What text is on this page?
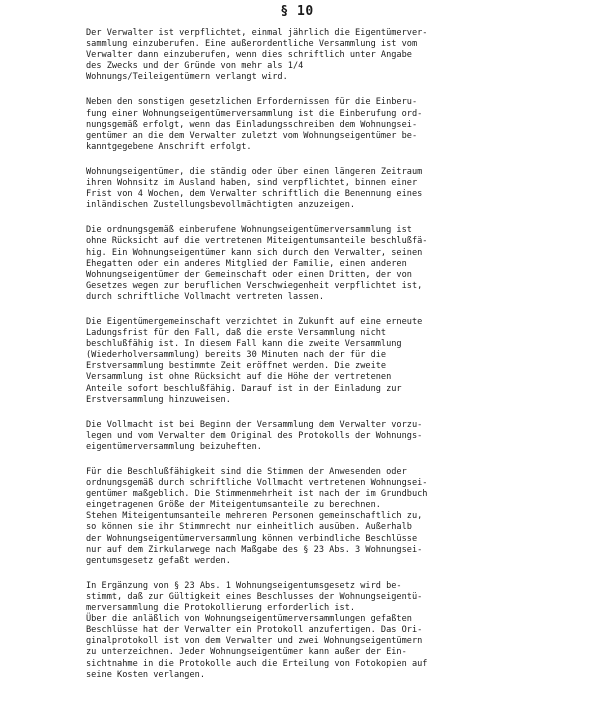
§ 10
Der Verwalter ist verpflichtet, einmal jährlich die Eigentümerver-
sammlung einzuberufen. Eine außerordentliche Versammlung ist vom
Verwalter dann einzuberufen, wenn dies schriftlich unter Angabe
des Zwecks und der Gründe von mehr als 1/4
Wohnungs/Teileigentümern verlangt wird.
Neben den sonstigen gesetzlichen Erfordernissen für die Einberu-
fung einer Wohnungseigentümerversammlung ist die Einberufung ord-
nungsgemäß erfolgt, wenn das Einladungsschreiben dem Wohnungsei-
gentümer an die dem Verwalter zuletzt vom Wohnungseigentümer be-
kanntgegebene Anschrift erfolgt.
Wohnungseigentümer, die ständig oder über einen längeren Zeitraum
ihren Wohnsitz im Ausland haben, sind verpflichtet, binnen einer
Frist von 4 Wochen, dem Verwalter schriftlich die Benennung eines
inländischen Zustellungsbevollmächtigten anzuzeigen.
Die ordnungsgemäß einberufene Wohnungseigentümerversammlung ist
ohne Rücksicht auf die vertretenen Miteigentumsanteile beschlußfä-
hig. Ein Wohnungseigentümer kann sich durch den Verwalter, seinen
Ehegatten oder ein anderes Mitglied der Familie, einen anderen
Wohnungseigentümer der Gemeinschaft oder einen Dritten, der von
Gesetzes wegen zur beruflichen Verschwiegenheit verpflichtet ist,
durch schriftliche Vollmacht vertreten lassen.
Die Eigentümergemeinschaft verzichtet in Zukunft auf eine erneute
Ladungsfrist für den Fall, daß die erste Versammlung nicht
beschlußfähig ist. In diesem Fall kann die zweite Versammlung
(Wiederholversammlung) bereits 30 Minuten nach der für die
Erstversammlung bestimmte Zeit eröffnet werden. Die zweite
Versammlung ist ohne Rücksicht auf die Höhe der vertretenen
Anteile sofort beschlußfähig. Darauf ist in der Einladung zur
Erstversammlung hinzuweisen.
Die Vollmacht ist bei Beginn der Versammlung dem Verwalter vorzu-
legen und vom Verwalter dem Original des Protokolls der Wohnungs-
eigentümerversammlung beizuheften.
Für die Beschlußfähigkeit sind die Stimmen der Anwesenden oder
ordnungsgemäß durch schriftliche Vollmacht vertretenen Wohnungsei-
gentümer maßgeblich. Die Stimmenmehrheit ist nach der im Grundbuch
eingetragenen Größe der Miteigentumsanteile zu berechnen.
Stehen Miteigentumsanteile mehreren Personen gemeinschaftlich zu,
so können sie ihr Stimmrecht nur einheitlich ausüben. Außerhalb
der Wohnungseigentümerversammlung können verbindliche Beschlüsse
nur auf dem Zirkularwege nach Maßgabe des § 23 Abs. 3 Wohnungsei-
gentumsgesetz gefaßt werden.
In Ergänzung von § 23 Abs. 1 Wohnungseigentumsgesetz wird be-
stimmt, daß zur Gültigkeit eines Beschlusses der Wohnungseigentü-
merversammlung die Protokollierung erforderlich ist.
Über die anläßlich von Wohnungseigentümerversammlungen gefaßten
Beschlüsse hat der Verwalter ein Protokoll anzufertigen. Das Ori-
ginalprotokoll ist von dem Verwalter und zwei Wohnungseigentümern
zu unterzeichnen. Jeder Wohnungseigentümer kann außer der Ein-
sichtnahme in die Protokolle auch die Erteilung von Fotokopien auf
seine Kosten verlangen.
